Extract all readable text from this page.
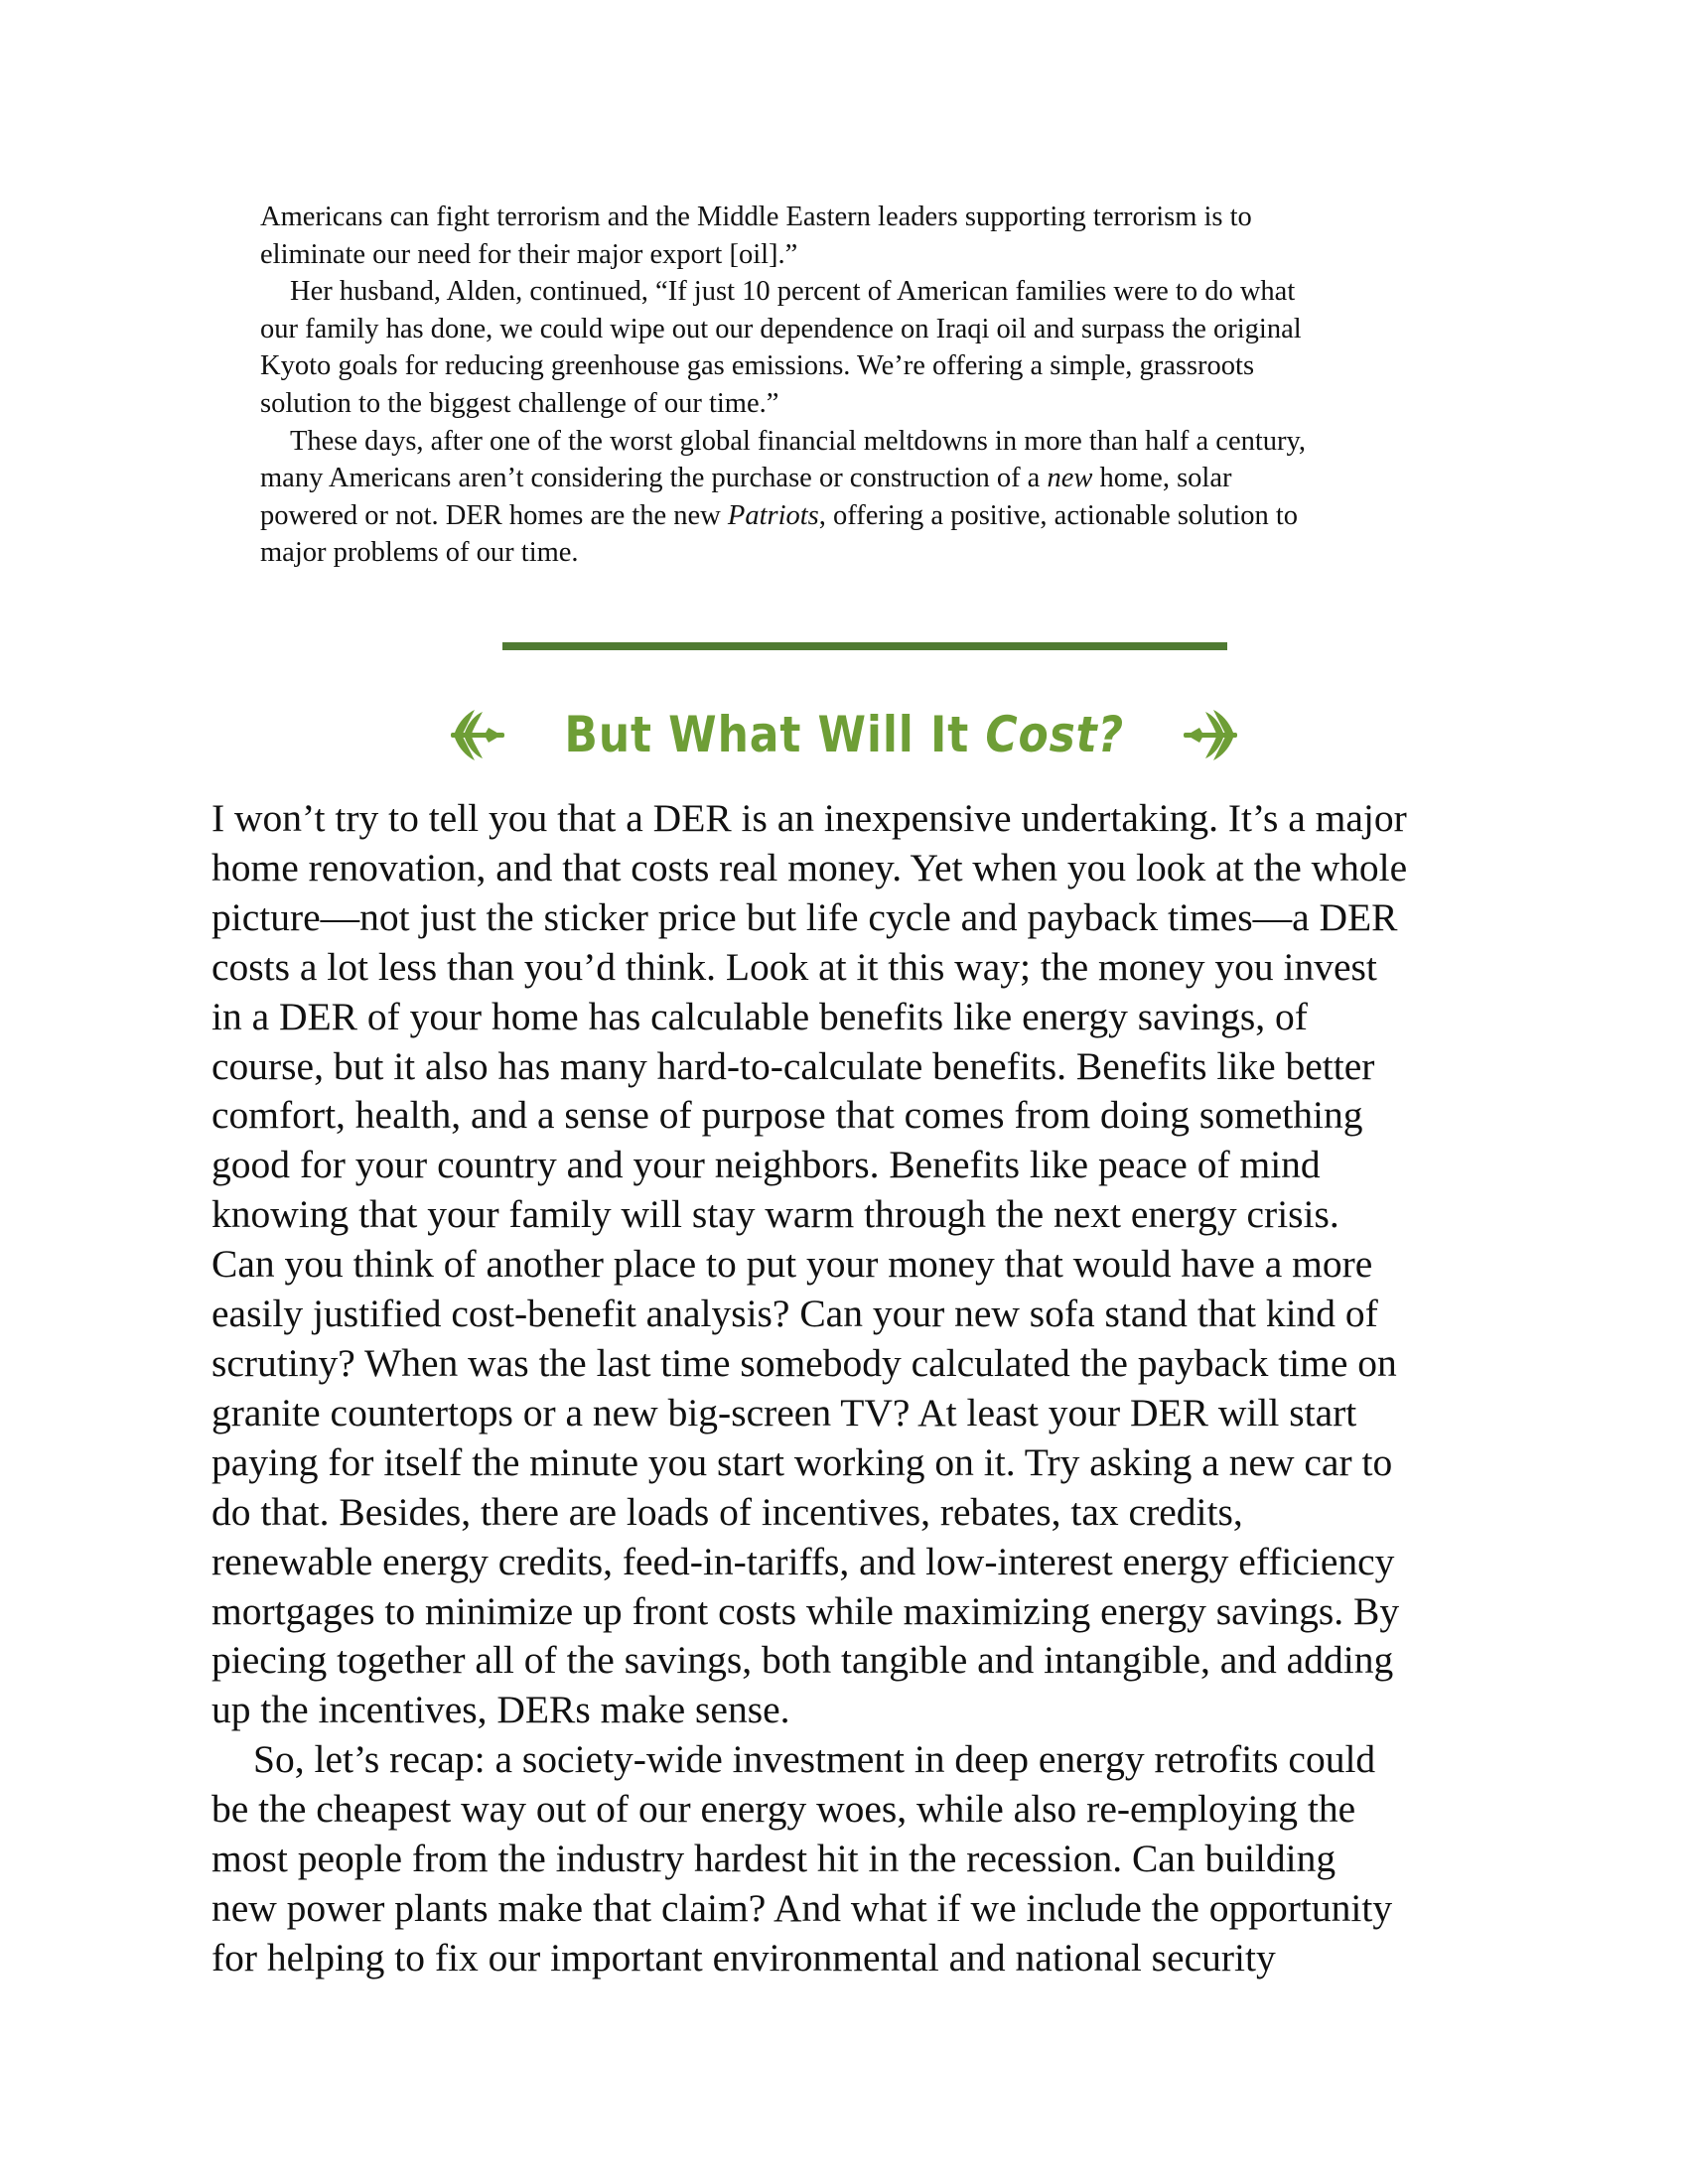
Americans can fight terrorism and the Middle Eastern leaders supporting terrorism is to
eliminate our need for their major export [oil].”

Her husband, Alden, continued, “If just 10 percent of American families were to do what
our family has done, we could wipe out our dependence on Iraqi oil and surpass the original
Kyoto goals for reducing greenhouse gas emissions. We’re offering a simple, grassroots
solution to the biggest challenge of our time.”

These days, after one of the worst global financial meltdowns in more than half a century,
many Americans aren’t considering the purchase or construction of a new home, solar
powered or not. DER homes are the new Patriots, offering a positive, actionable solution to
major problems of our time.

But What Will It Cost?

I won’t try to tell you that a DER is an inexpensive undertaking. It’s a major
home renovation, and that costs real money. Yet when you look at the whole
picture—not just the sticker price but life cycle and payback times—a DER
costs a lot less than you’d think. Look at it this way; the money you invest
in a DER of your home has calculable benefits like energy savings, of
course, but it also has many hard-to-calculate benefits. Benefits like better
comfort, health, and a sense of purpose that comes from doing something
good for your country and your neighbors. Benefits like peace of mind
knowing that your family will stay warm through the next energy crisis.
Can you think of another place to put your money that would have a more
easily justified cost-benefit analysis? Can your new sofa stand that kind of
scrutiny? When was the last time somebody calculated the payback time on
granite countertops or a new big-screen TV? At least your DER will start
paying for itself the minute you start working on it. Try asking a new car to
do that. Besides, there are loads of incentives, rebates, tax credits,
renewable energy credits, feed-in-tariffs, and low-interest energy efficiency
mortgages to minimize up front costs while maximizing energy savings. By
piecing together all of the savings, both tangible and intangible, and adding
up the incentives, DERs make sense.

So, let’s recap: a society-wide investment in deep energy retrofits could
be the cheapest way out of our energy woes, while also re-employing the
most people from the industry hardest hit in the recession. Can building
new power plants make that claim? And what if we include the opportunity
for helping to fix our important environmental and national security
